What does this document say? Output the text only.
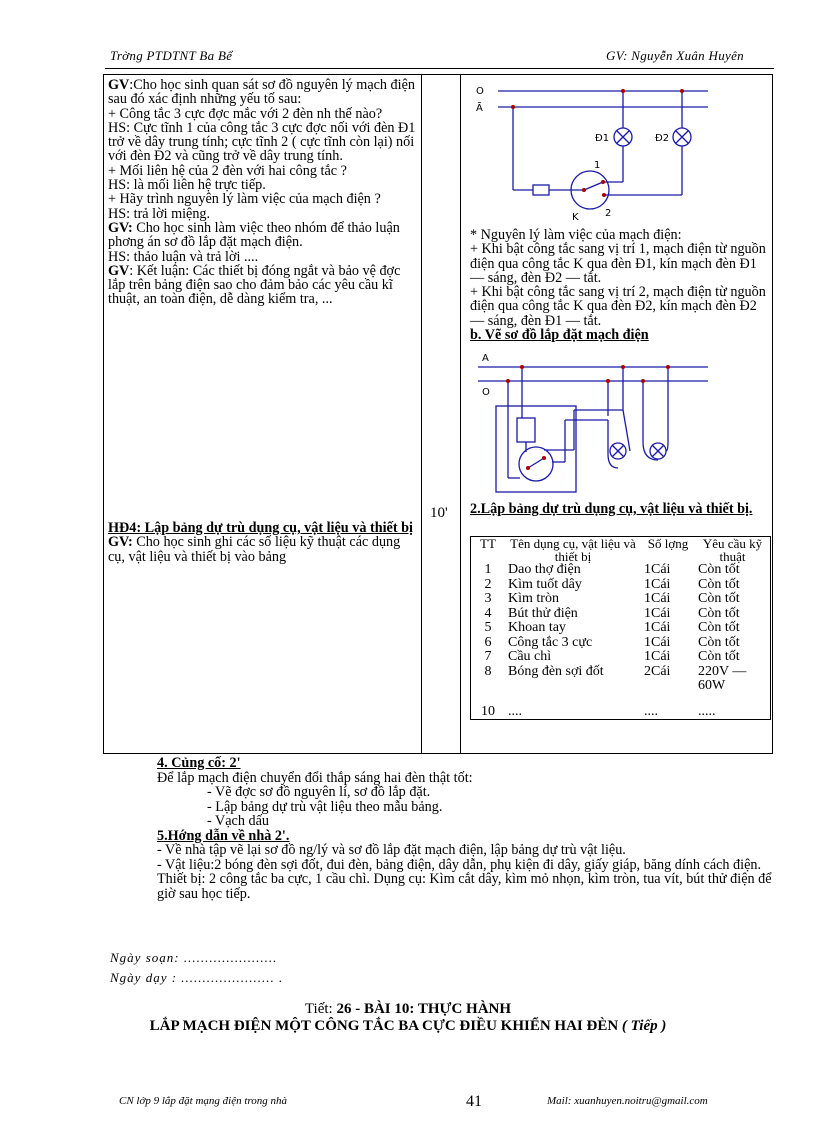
Trờng PTDTNT Ba Bể	GV: Nguyễn Xuân Huyên

GV:Cho học sinh quan sát sơ đồ nguyên lý mạch điện sau đó xác định những yếu tố sau:

+ Công tắc 3 cực đợc mắc với 2 đèn nh thế nào?

HS: Cực tĩnh 1 của công tắc 3 cực đợc nối với đèn Đ1 trở về dây trung tính; cực tĩnh 2 ( cực tĩnh còn lại) nối với đèn Đ2 và cũng trở về dây trung tính.

+ Mối liên hệ của 2 đèn với hai công tắc ?

HS: là mối liên hệ trực tiếp.

+ Hãy trình nguyên lý làm việc của mạch điện ?

HS: trả lời miệng.

GV: Cho học sinh làm việc theo nhóm để thảo luận phơng án sơ đồ lắp đặt mạch điện.

HS: thảo luận và trả lời ....

GV: Kết luận: Các thiết bị đóng ngắt và bảo vệ đợc lắp trên bảng điện sao cho đảm bảo các yêu cầu kĩ thuật, an toàn điện, dễ dàng kiểm tra, ...

HĐ4: Lập bảng dự trù dụng cụ, vật liệu và thiết bị

GV: Cho học sinh ghi các số liệu kỹ thuật các dụng cụ, vật liệu và thiết bị vào bảng

10'
O
Ã
Đ1	Đ2
1
2
K

* Nguyên lý làm việc của mạch điện:

+ Khi bật công tắc sang vị trí 1, mạch điện từ nguồn điện qua công tắc K qua đèn Đ1, kín mạch đèn Đ1 — sáng, đèn Đ2 — tắt.

+ Khi bật công tắc sang vị trí 2, mạch điện từ nguồn điện qua công tắc K qua đèn Đ2, kín mạch đèn Đ2 — sáng, đèn Đ1 — tắt.

b. Vẽ sơ đồ lắp đặt mạch điện

A
O

2.Lập bảng dự trù dụng cụ, vật liệu và thiết bị.

TT	Tên dụng cụ, vật liệu và thiết bị	Số lợng	Yêu cầu kỹ thuật
1	Dao thợ điện	1Cái	Còn tốt
2	Kìm tuốt dây	1Cái	Còn tốt
3	Kìm tròn	1Cái	Còn tốt
4	Bút thử điện	1Cái	Còn tốt
5	Khoan tay	1Cái	Còn tốt
6	Công tắc 3 cực	1Cái	Còn tốt
7	Cầu chì	1Cái	Còn tốt
8	Bóng đèn sợi đốt	2Cái	220V — 60W
10	....	....	.....

4. Củng cố: 2'

Để lắp mạch điện chuyển đổi thắp sáng hai đèn thật tốt:

- Vẽ đợc sơ đồ nguyên lí, sơ đồ lắp đặt.

- Lập bảng dự trù vật liệu theo mẫu bảng.

- Vạch dấu

5.Hớng dẫn về nhà 2'.

- Về nhà tập vẽ lại sơ đồ ng/lý và sơ đồ lắp đặt mạch điện, lập bảng dự trù vật liệu.

- Vật liệu:2 bóng đèn sợi đốt, đui đèn, bảng điện, dây dẫn, phụ kiện đi dây, giấy giáp, băng dính cách điện. Thiết bị: 2 công tắc ba cực, 1 cầu chì. Dụng cụ: Kìm cắt dây, kìm mỏ nhọn, kìm tròn, tua vít, bút thử điện để giờ sau học tiếp.

Ngày soạn: ......................
Ngày dạy : ...................... .
Tiết: 26 - BÀI 10: THỰC HÀNH
LẮP MẠCH ĐIỆN MỘT CÔNG TẮC BA CỰC ĐIỀU KHIỂN HAI ĐÈN ( Tiếp )
CN lớp 9 lắp đặt mạng điện trong nhà	41	Mail: xuanhuyen.noitru@gmail.com
